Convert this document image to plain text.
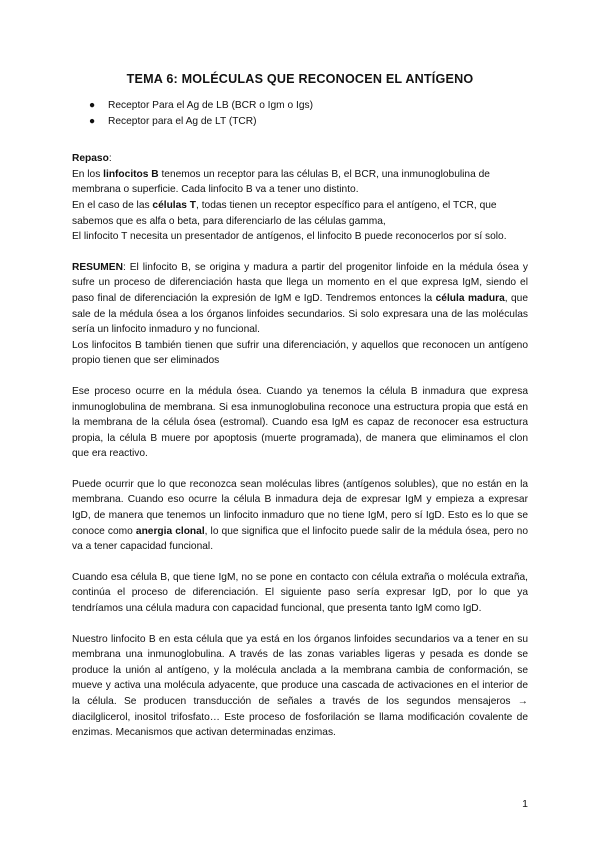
TEMA 6: MOLÉCULAS QUE RECONOCEN EL ANTÍGENO
● Receptor Para el Ag de LB (BCR o Igm o Igs)
● Receptor para el Ag de LT (TCR)

Repaso:

En los linfocitos B tenemos un receptor para las células B, el BCR, una inmunoglobulina de membrana o superficie. Cada linfocito B va a tener uno distinto.

En el caso de las células T, todas tienen un receptor específico para el antígeno, el TCR, que sabemos que es alfa o beta, para diferenciarlo de las células gamma,

El linfocito T necesita un presentador de antígenos, el linfocito B puede reconocerlos por sí solo.

RESUMEN: El linfocito B, se origina y madura a partir del progenitor linfoide en la médula ósea y sufre un proceso de diferenciación hasta que llega un momento en el que expresa IgM, siendo el paso final de diferenciación la expresión de IgM e IgD. Tendremos entonces la célula madura, que sale de la médula ósea a los órganos linfoides secundarios. Si solo expresara una de las moléculas sería un linfocito inmaduro y no funcional.

Los linfocitos B también tienen que sufrir una diferenciación, y aquellos que reconocen un antígeno propio tienen que ser eliminados

Ese proceso ocurre en la médula ósea. Cuando ya tenemos la célula B inmadura que expresa inmunoglobulina de membrana. Si esa inmunoglobulina reconoce una estructura propia que está en la membrana de la célula ósea (estromal). Cuando esa IgM es capaz de reconocer esa estructura propia, la célula B muere por apoptosis (muerte programada), de manera que eliminamos el clon que era reactivo.

Puede ocurrir que lo que reconozca sean moléculas libres (antígenos solubles), que no están en la membrana. Cuando eso ocurre la célula B inmadura deja de expresar IgM y empieza a expresar IgD, de manera que tenemos un linfocito inmaduro que no tiene IgM, pero sí IgD. Esto es lo que se conoce como anergia clonal, lo que significa que el linfocito puede salir de la médula ósea, pero no va a tener capacidad funcional.

Cuando esa célula B, que tiene IgM, no se pone en contacto con célula extraña o molécula extraña, continúa el proceso de diferenciación. El siguiente paso sería expresar IgD, por lo que ya tendríamos una célula madura con capacidad funcional, que presenta tanto IgM como IgD.

Nuestro linfocito B en esta célula que ya está en los órganos linfoides secundarios va a tener en su membrana una inmunoglobulina. A través de las zonas variables ligeras y pesada es donde se produce la unión al antígeno, y la molécula anclada a la membrana cambia de conformación, se mueve y activa una molécula adyacente, que produce una cascada de activaciones en el interior de la célula. Se producen transducción de señales a través de los segundos mensajeros → diacilglicerol, inositol trifosfato… Este proceso de fosforilación se llama modificación covalente de enzimas. Mecanismos que activan determinadas enzimas.

1
